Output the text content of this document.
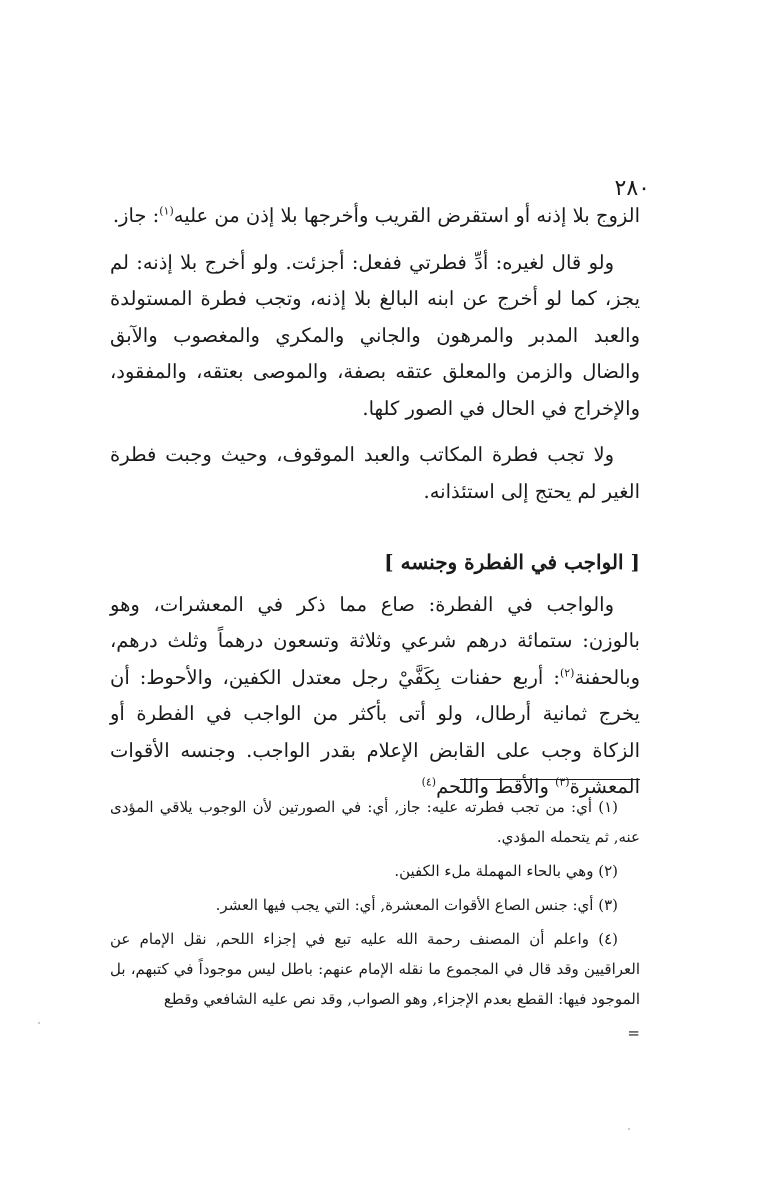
٢٨٠

الزوج بلا إذنه أو استقرض القريب وأخرجها بلا إذن من عليه$^{(١)}$: جاز.

ولو قال لغيره: أدِّ فطرتي ففعل: أجزئت. ولو أخرج بلا إذنه: لم يجز، كما لو أخرج عن ابنه البالغ بلا إذنه، وتجب فطرة المستولدة والعبد المدبر والمرهون والجاني والمكري والمغصوب والآبق والضال والزمن والمعلق عتقه بصفة، والموصى بعتقه، والمفقود، والإخراج في الحال في الصور كلها.

ولا تجب فطرة المكاتب والعبد الموقوف، وحيث وجبت فطرة الغير لم يحتج إلى استئذانه.

[ الواجب في الفطرة وجنسه ]

والواجب في الفطرة: صاع مما ذكر في المعشرات، وهو بالوزن: ستمائة درهم شرعي وثلاثة وتسعون درهماً وثلث درهم، وبالحفنة$^{(٢)}$: أربع حفنات بِكَفَّيْ رجل معتدل الكفين، والأحوط: أن يخرج ثمانية أرطال، ولو أتى بأكثر من الواجب في الفطرة أو الزكاة وجب على القابض الإعلام بقدر الواجب. وجنسه الأقوات المعشرة$^{(٣)}$ والأقط واللحم$^{(٤)}$

(١) أي: من تجب فطرته عليه: جاز, أي: في الصورتين لأن الوجوب يلاقي المؤدى عنه, ثم يتحمله المؤدي.

(٢) وهي بالحاء المهملة ملء الكفين.

(٣) أي: جنس الصاع الأقوات المعشرة, أي: التي يجب فيها العشر.

(٤) واعلم أن المصنف رحمة الله عليه تبع في إجزاء اللحم, نقل الإمام عن العراقيين وقد قال في المجموع ما نقله الإمام عنهم: باطل ليس موجوداً في كتبهم، بل الموجود فيها: القطع بعدم الإجزاء, وهو الصواب, وقد نص عليه الشافعي وقطع

=
